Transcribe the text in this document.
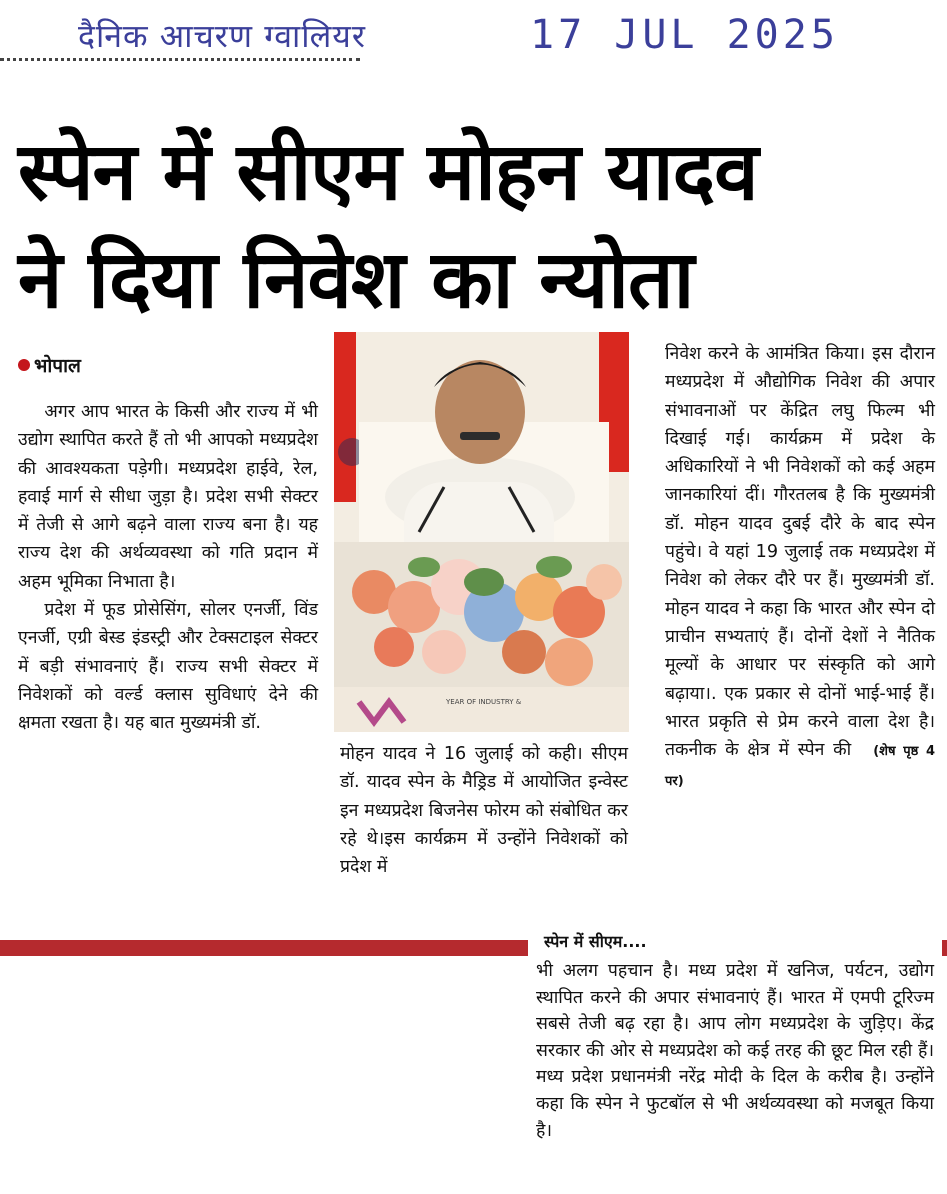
दैनिक आचरण ग्वालियर	17 JUL 2025
स्पेन में सीएम मोहन यादव
ने दिया निवेश का न्योता
भोपाल

अगर आप भारत के किसी और राज्य में भी उद्योग स्थापित करते हैं तो भी आपको मध्यप्रदेश की आवश्यकता पड़ेगी। मध्यप्रदेश हाईवे, रेल, हवाई मार्ग से सीधा जुड़ा है। प्रदेश सभी सेक्टर में तेजी से आगे बढ़ने वाला राज्य बना है। यह राज्य देश की अर्थव्यवस्था को गति प्रदान में अहम भूमिका निभाता है।

प्रदेश में फूड प्रोसेसिंग, सोलर एनर्जी, विंड एनर्जी, एग्री बेस्ड इंडस्ट्री और टेक्सटाइल सेक्टर में बड़ी संभावनाएं हैं। राज्य सभी सेक्टर में निवेशकों को वर्ल्ड क्लास सुविधाएं देने की क्षमता रखता है। यह बात मुख्यमंत्री डॉ.

YEAR OF INDUSTRY &

मोहन यादव ने 16 जुलाई को कही। सीएम डॉ. यादव स्पेन के मैड्रिड में आयोजित इन्वेस्ट इन मध्यप्रदेश बिजनेस फोरम को संबोधित कर रहे थे।इस कार्यक्रम में उन्होंने निवेशकों को प्रदेश में

निवेश करने के आमंत्रित किया। इस दौरान मध्यप्रदेश में औद्योगिक निवेश की अपार संभावनाओं पर केंद्रित लघु फिल्म भी दिखाई गई। कार्यक्रम में प्रदेश के अधिकारियों ने भी निवेशकों को कई अहम जानकारियां दीं। गौरतलब है कि मुख्यमंत्री डॉ. मोहन यादव दुबई दौरे के बाद स्पेन पहुंचे। वे यहां 19 जुलाई तक मध्यप्रदेश में निवेश को लेकर दौरे पर हैं। मुख्यमंत्री डॉ. मोहन यादव ने कहा कि भारत और स्पेन दो प्राचीन सभ्यताएं हैं। दोनों देशों ने नैतिक मूल्यों के आधार पर संस्कृति को आगे बढ़ाया।. एक प्रकार से दोनों भाई-भाई हैं। भारत प्रकृति से प्रेम करने वाला देश है। तकनीक के क्षेत्र में स्पेन की (शेष पृष्ठ 4 पर)

स्पेन में सीएम....
भी अलग पहचान है। मध्य प्रदेश में खनिज, पर्यटन, उद्योग स्थापित करने की अपार संभावनाएं हैं। भारत में एमपी टूरिज्म सबसे तेजी बढ़ रहा है। आप लोग मध्यप्रदेश के जुड़िए। केंद्र सरकार की ओर से मध्यप्रदेश को कई तरह की छूट मिल रही हैं। मध्य प्रदेश प्रधानमंत्री नरेंद्र मोदी के दिल के करीब है। उन्होंने कहा कि स्पेन ने फुटबॉल से भी अर्थव्यवस्था को मजबूत किया है।
